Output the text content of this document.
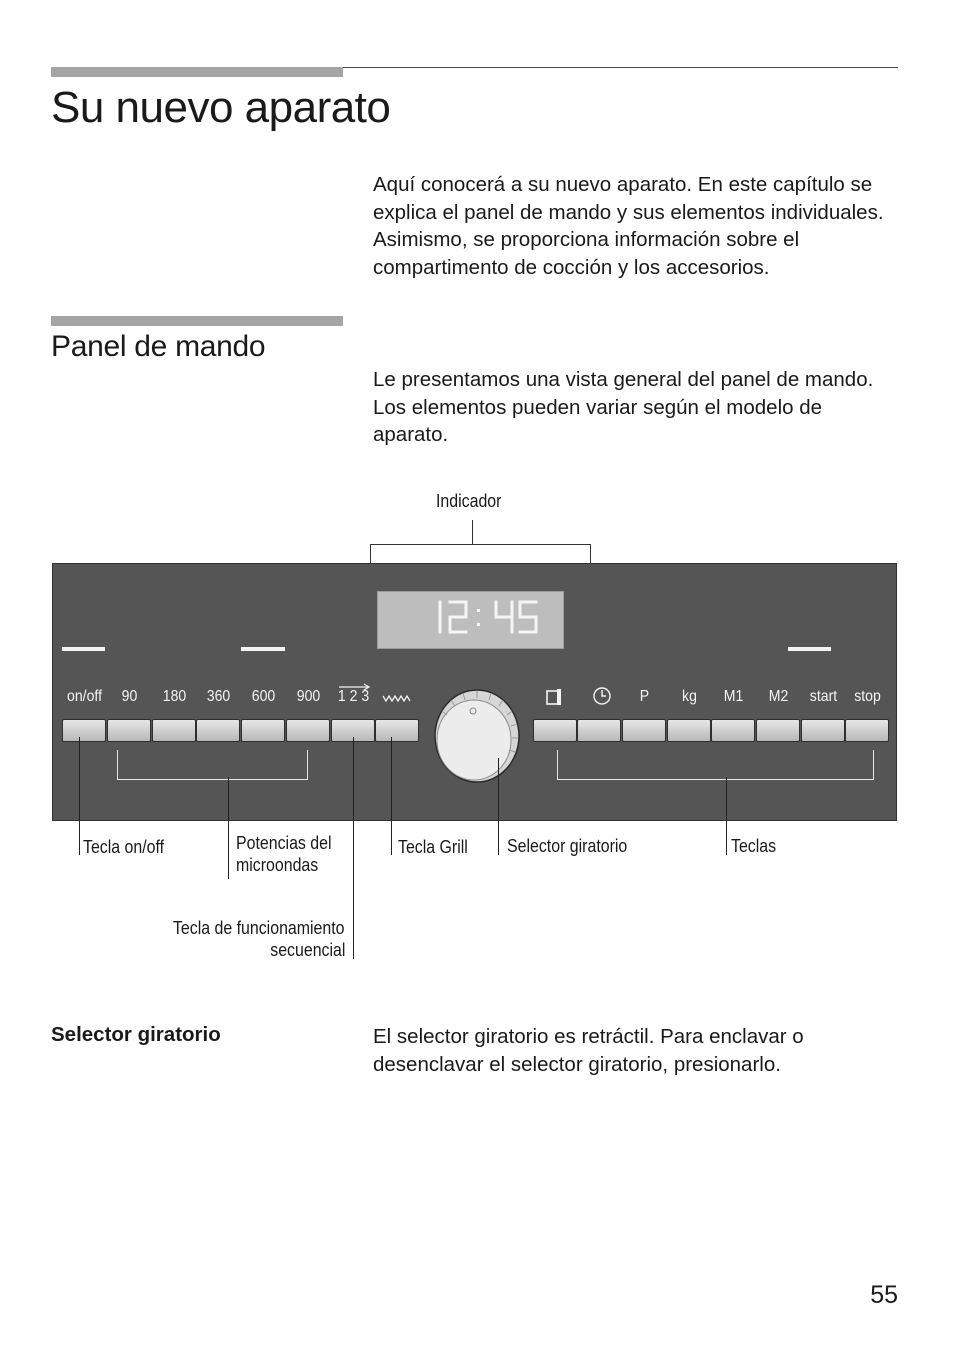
Su nuevo aparato

Aquí conocerá a su nuevo aparato. En este capítulo se explica el panel de mando y sus elementos individuales. Asimismo, se proporciona información sobre el compartimento de cocción y los accesorios.

Panel de mando

Le presentamos una vista general del panel de mando.

Los elementos pueden variar según el modelo de aparato.

Indicador
on/off	90	180	360	600	900	1 2 3	P	kg	M1	M2	start	stop
Tecla on/off	Potencias del
microondas
Tecla Grill Selector giratorio	Teclas
Tecla de funcionamiento
secuencial
Selector giratorio	El selector giratorio es retráctil. Para enclavar o desenclavar el selector giratorio, presionarlo.

55
